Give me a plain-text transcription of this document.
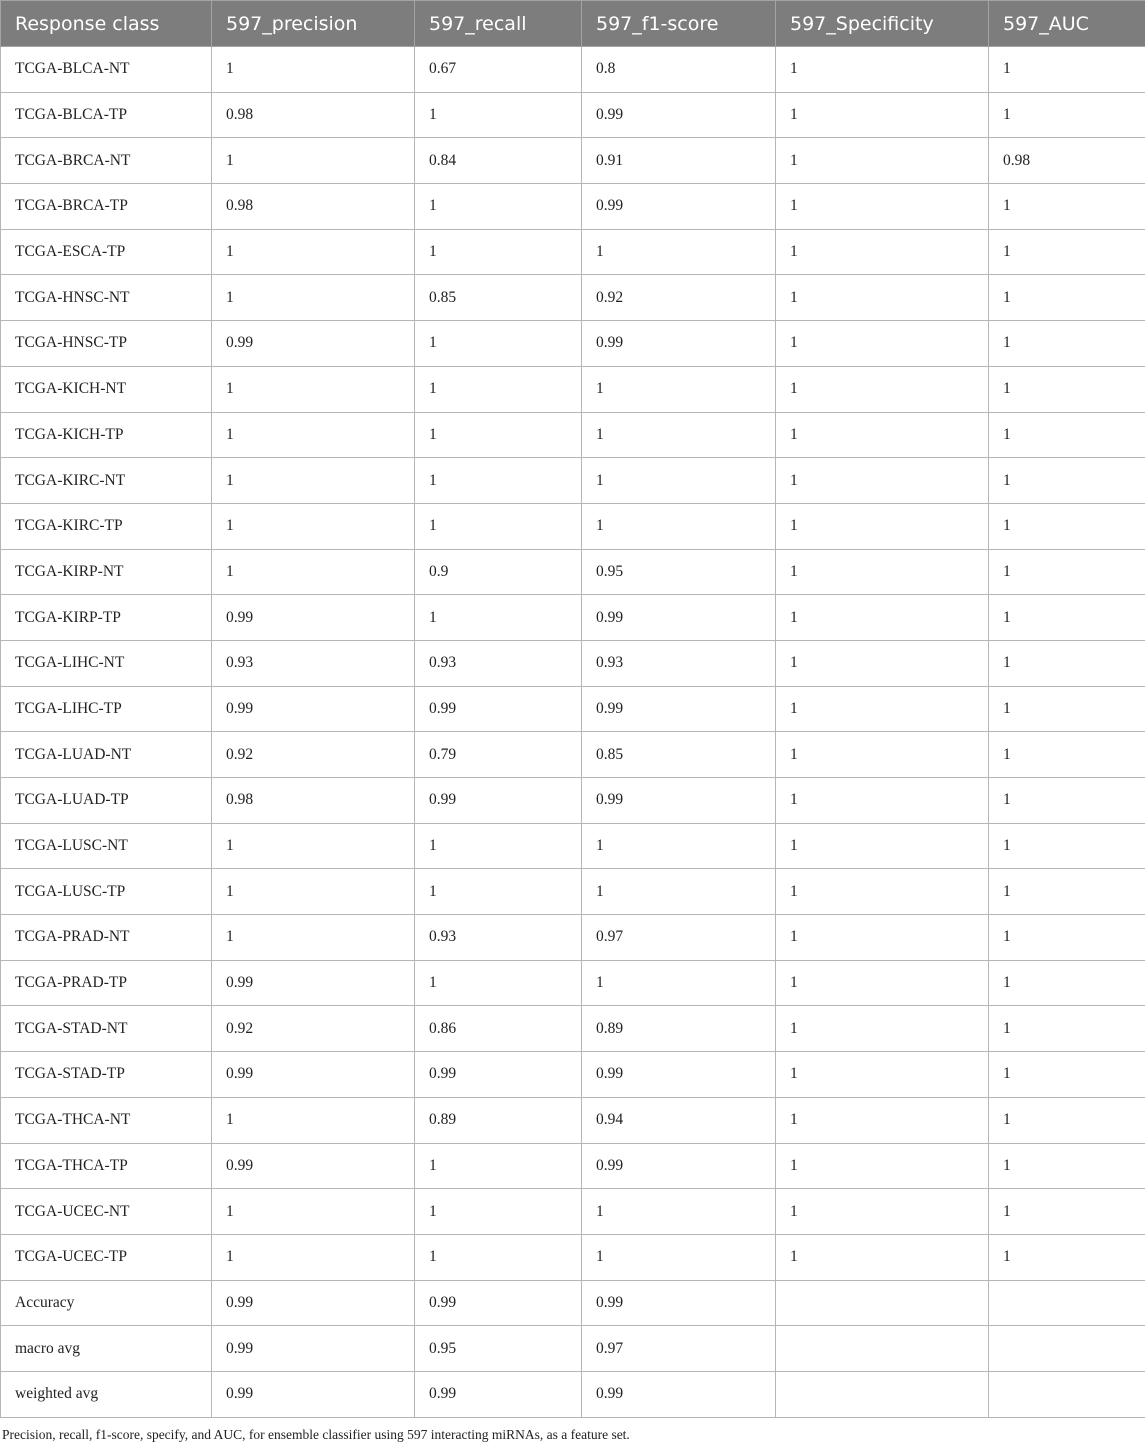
Response class	597_precision	597_recall	597_f1-score	597_Specificity	597_AUC
TCGA-BLCA-NT	1	0.67	0.8	1	1
TCGA-BLCA-TP	0.98	1	0.99	1	1
TCGA-BRCA-NT	1	0.84	0.91	1	0.98
TCGA-BRCA-TP	0.98	1	0.99	1	1
TCGA-ESCA-TP	1	1	1	1	1
TCGA-HNSC-NT	1	0.85	0.92	1	1
TCGA-HNSC-TP	0.99	1	0.99	1	1
TCGA-KICH-NT	1	1	1	1	1
TCGA-KICH-TP	1	1	1	1	1
TCGA-KIRC-NT	1	1	1	1	1
TCGA-KIRC-TP	1	1	1	1	1
TCGA-KIRP-NT	1	0.9	0.95	1	1
TCGA-KIRP-TP	0.99	1	0.99	1	1
TCGA-LIHC-NT	0.93	0.93	0.93	1	1
TCGA-LIHC-TP	0.99	0.99	0.99	1	1
TCGA-LUAD-NT	0.92	0.79	0.85	1	1
TCGA-LUAD-TP	0.98	0.99	0.99	1	1
TCGA-LUSC-NT	1	1	1	1	1
TCGA-LUSC-TP	1	1	1	1	1
TCGA-PRAD-NT	1	0.93	0.97	1	1
TCGA-PRAD-TP	0.99	1	1	1	1
TCGA-STAD-NT	0.92	0.86	0.89	1	1
TCGA-STAD-TP	0.99	0.99	0.99	1	1
TCGA-THCA-NT	1	0.89	0.94	1	1
TCGA-THCA-TP	0.99	1	0.99	1	1
TCGA-UCEC-NT	1	1	1	1	1
TCGA-UCEC-TP	1	1	1	1	1
Accuracy	0.99	0.99	0.99		
macro avg	0.99	0.95	0.97		
weighted avg	0.99	0.99	0.99		

Precision, recall, f1-score, specify, and AUC, for ensemble classifier using 597 interacting miRNAs, as a feature set.
